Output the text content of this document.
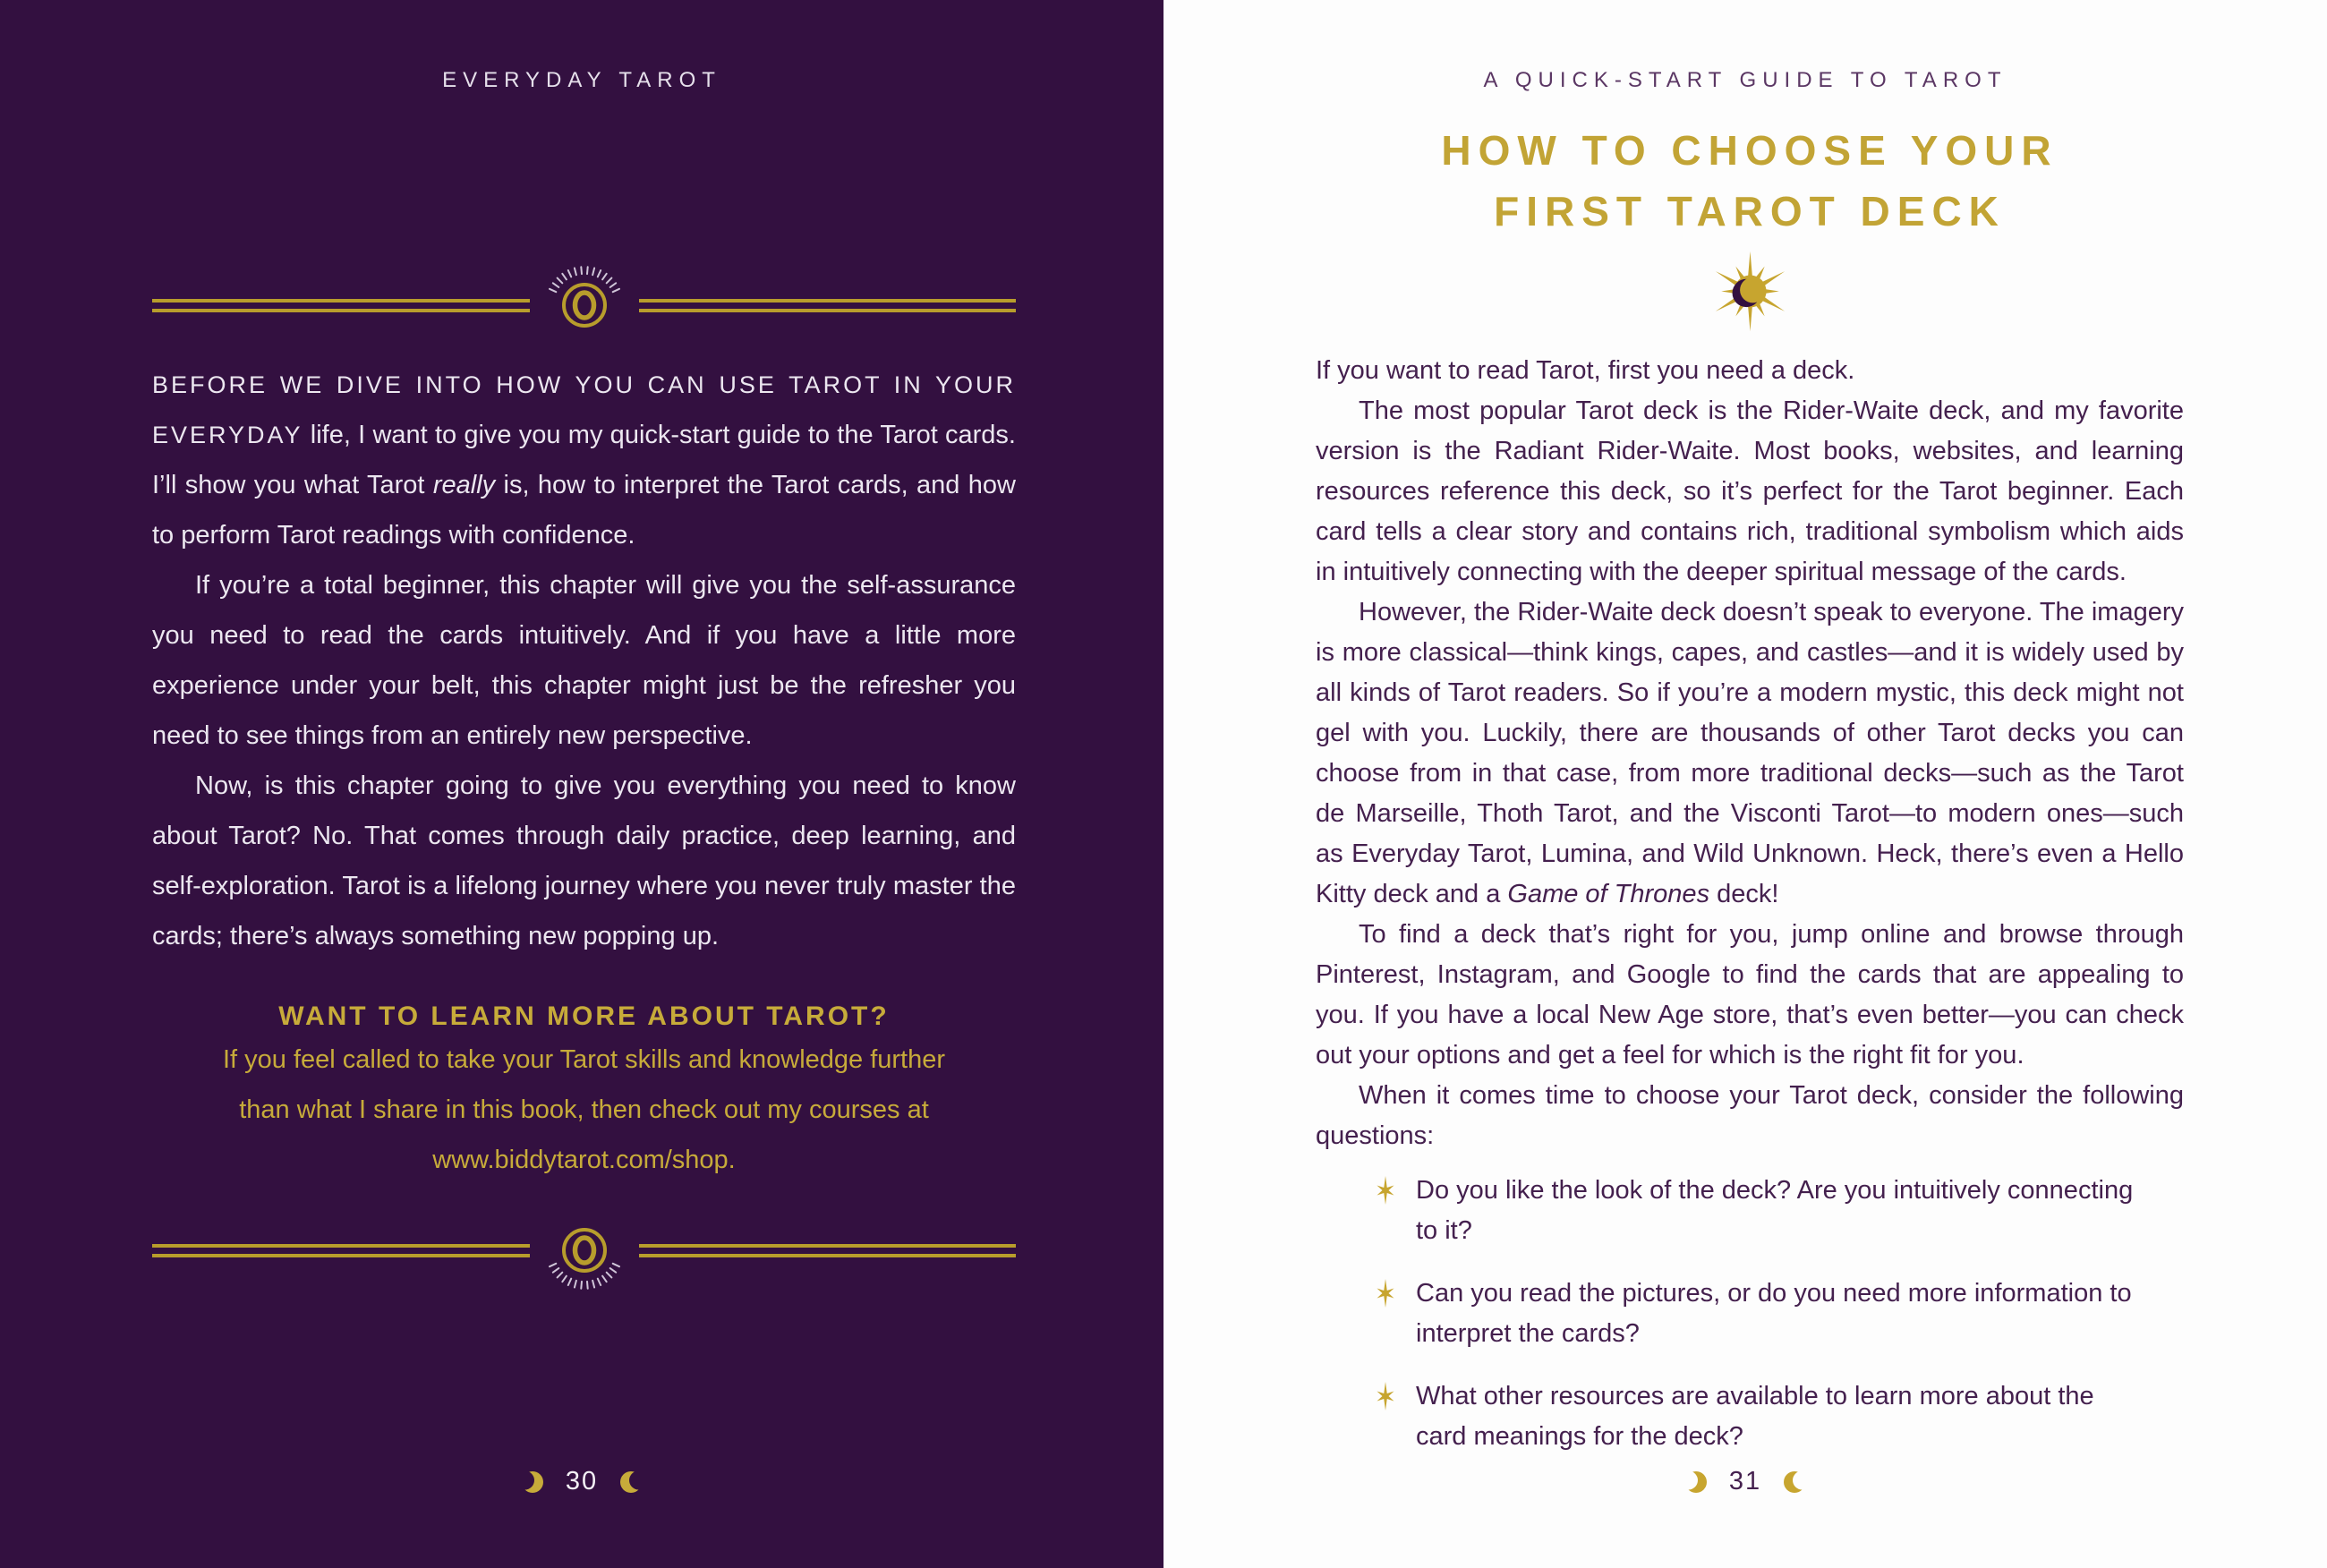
EVERYDAY TAROT

BEFORE WE DIVE INTO HOW YOU CAN USE TAROT IN YOUR EVERYDAY life, I want to give you my quick-start guide to the Tarot cards. I’ll show you what Tarot really is, how to interpret the Tarot cards, and how to perform Tarot readings with confidence.

If you’re a total beginner, this chapter will give you the self-assurance you need to read the cards intuitively. And if you have a little more experience under your belt, this chapter might just be the refresher you need to see things from an entirely new perspective.

Now, is this chapter going to give you everything you need to know about Tarot? No. That comes through daily practice, deep learning, and self-exploration. Tarot is a lifelong journey where you never truly master the cards; there’s always something new popping up.

WANT TO LEARN MORE ABOUT TAROT?

If you feel called to take your Tarot skills and knowledge further

than what I share in this book, then check out my courses at

www.biddytarot.com/shop.

30
A QUICK-START GUIDE TO TAROT
HOW TO CHOOSE YOUR
FIRST TAROT DECK

If you want to read Tarot, first you need a deck.

The most popular Tarot deck is the Rider-Waite deck, and my favorite version is the Radiant Rider-Waite. Most books, websites, and learning resources reference this deck, so it’s perfect for the Tarot beginner. Each card tells a clear story and contains rich, traditional symbolism which aids in intuitively connecting with the deeper spiritual message of the cards.

However, the Rider-Waite deck doesn’t speak to everyone. The imagery is more classical—think kings, capes, and castles—and it is widely used by all kinds of Tarot readers. So if you’re a modern mystic, this deck might not gel with you. Luckily, there are thousands of other Tarot decks you can choose from in that case, from more traditional decks—such as the Tarot de Marseille, Thoth Tarot, and the Visconti Tarot—to modern ones—such as Everyday Tarot, Lumina, and Wild Unknown. Heck, there’s even a Hello Kitty deck and a Game of Thrones deck!

To find a deck that’s right for you, jump online and browse through Pinterest, Instagram, and Google to find the cards that are appealing to you. If you have a local New Age store, that’s even better—you can check out your options and get a feel for which is the right fit for you.

When it comes time to choose your Tarot deck, consider the following questions:

Do you like the look of the deck? Are you intuitively connecting to it?
Can you read the pictures, or do you need more information to interpret the cards?
What other resources are available to learn more about the card meanings for the deck?
31
